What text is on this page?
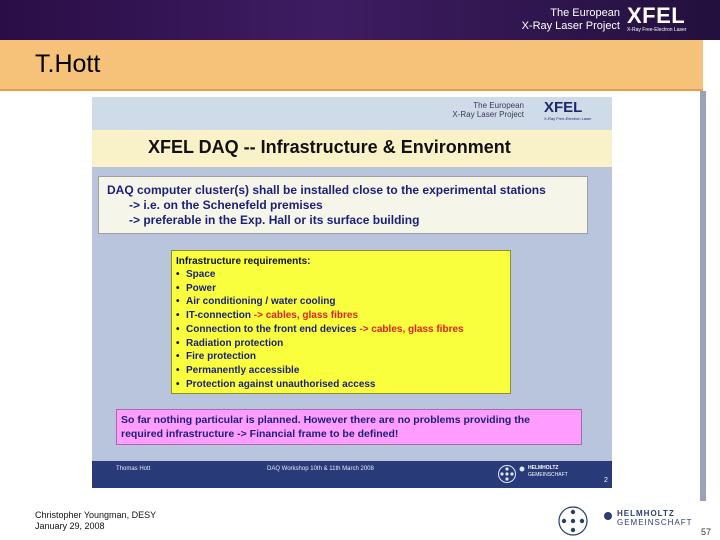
The European
X-Ray Laser Project XFEL
X-Ray Free-Electron Laser
T.Hott
The European
X-Ray Laser Project XFEL
X-Ray Free-Electron Laser
XFEL DAQ -- Infrastructure & Environment
DAQ computer cluster(s) shall be installed close to the experimental stations
-> i.e. on the Schenefeld premises
-> preferable in the Exp. Hall or its surface building
Infrastructure requirements:
• Space
• Power
• Air conditioning / water cooling
• IT-connection -> cables, glass fibres
• Connection to the front end devices -> cables, glass fibres
• Radiation protection
• Fire protection
• Permanently accessible
• Protection against unauthorised access
So far nothing particular is planned. However there are no problems providing the
required infrastructure -> Financial frame to be defined!
Thomas Hott	DAQ Workshop 10th & 11th March 2008	HELMHOLTZ
GEMEINSCHAFT
2
Christopher Youngman, DESY
January 29, 2008
HELMHOLTZ
GEMEINSCHAFT
57
